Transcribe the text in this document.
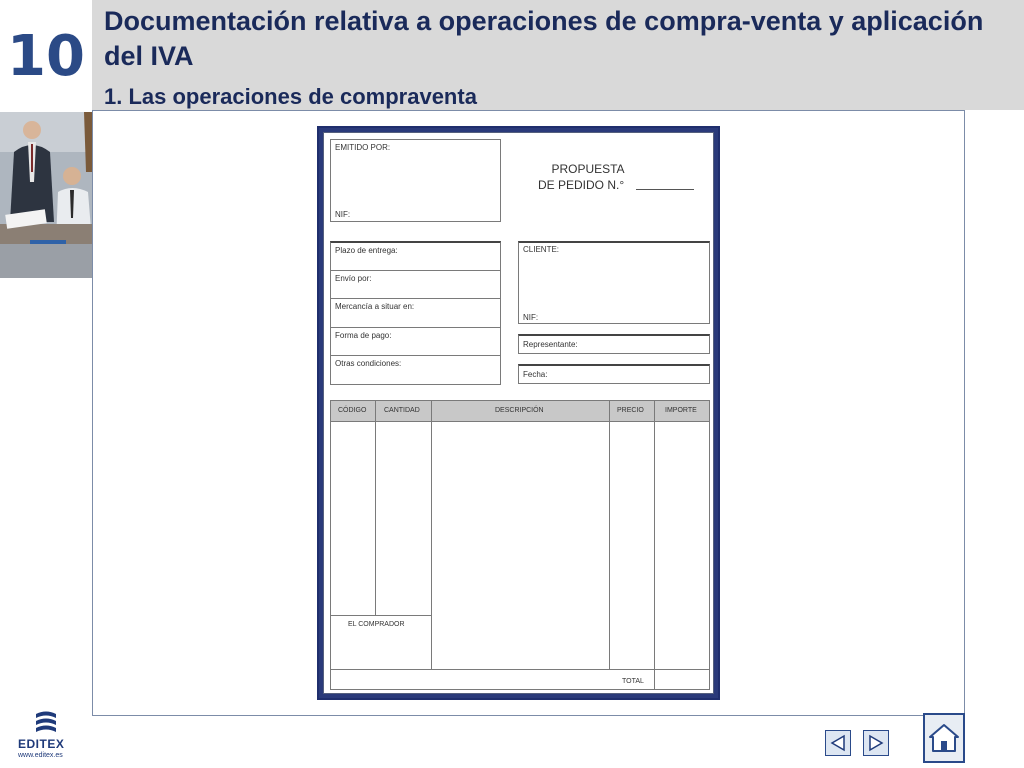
10
Documentación relativa a operaciones de compra-venta y aplicación del IVA
1. Las operaciones de compraventa
EMITIDO POR:
NIF:
PROPUESTA
DE PEDIDO N.°
Plazo de entrega:
Envío por:
Mercancía a situar en:
Forma de pago:
Otras condiciones:
CLIENTE:
NIF:
Representante:
Fecha:
CÓDIGO	CANTIDAD	DESCRIPCIÓN	PRECIO	IMPORTE
EL COMPRADOR
TOTAL
EDITEX
www.editex.es
